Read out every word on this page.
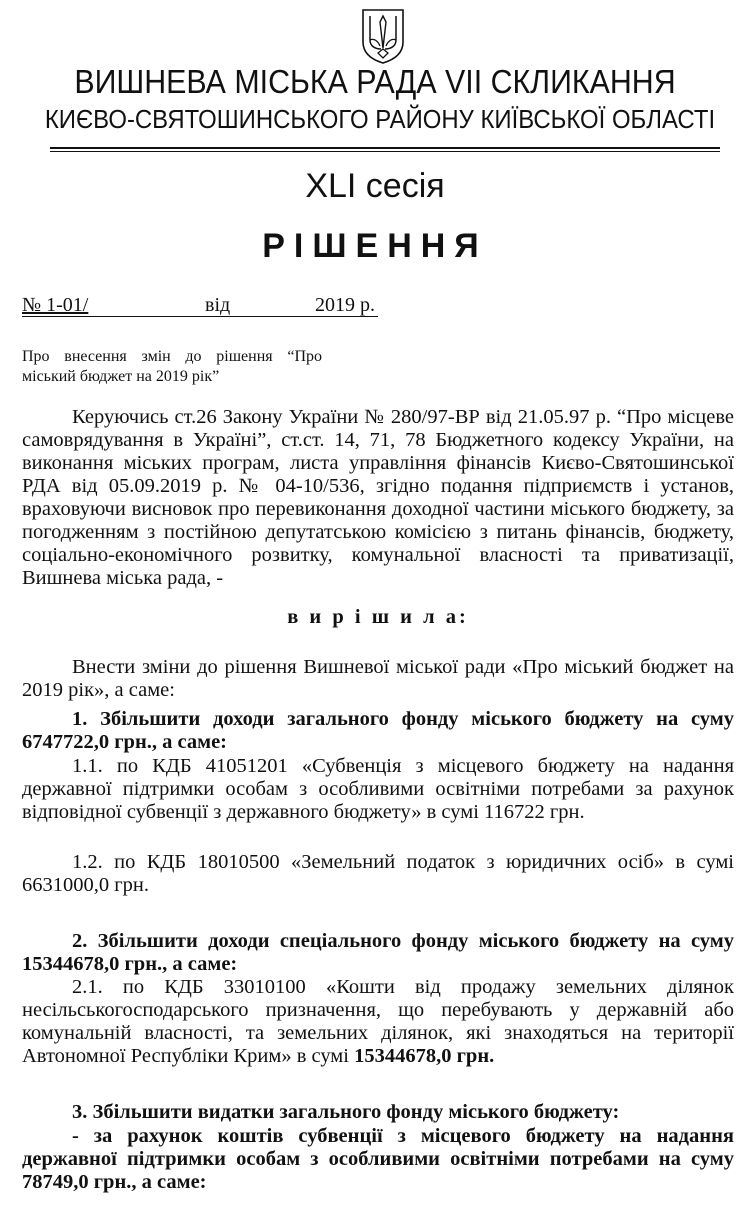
ВИШНЕВА МІСЬКА РАДА VII СКЛИКАННЯ
КИЄВО-СВЯТОШИНСЬКОГО РАЙОНУ КИЇВСЬКОЇ ОБЛАСТІ
XLI сесія
РІШЕННЯ
№ 1-01/	від	2019 р.

Про внесення змін до рішення “Про

міський бюджет на 2019 рік”

Керуючись ст.26 Закону України № 280/97-ВР від 21.05.97 р. “Про місцеве самоврядування в Україні”, ст.ст. 14, 71, 78 Бюджетного кодексу України, на виконання міських програм, листа управління фінансів Києво-Святошинської РДА від 05.09.2019 р. № 04-10/536, згідно подання підприємств і установ, враховуючи висновок про перевиконання доходної частини міського бюджету, за погодженням з постійною депутатською комісією з питань фінансів, бюджету, соціально-економічного розвитку, комунальної власності та приватизації, Вишнева міська рада, -

в и р і ш и л а:

Внести зміни до рішення Вишневої міської ради «Про міський бюджет на 2019 рік», а саме:

1. Збільшити доходи загального фонду міського бюджету на суму 6747722,0 грн., а саме:

1.1. по КДБ 41051201 «Субвенція з місцевого бюджету на надання державної підтримки особам з особливими освітніми потребами за рахунок відповідної субвенції з державного бюджету» в сумі 116722 грн.

1.2. по КДБ 18010500 «Земельний податок з юридичних осіб» в сумі 6631000,0 грн.

2. Збільшити доходи спеціального фонду міського бюджету на суму 15344678,0 грн., а саме:

2.1. по КДБ 33010100 «Кошти від продажу земельних ділянок несільськогосподарського призначення, що перебувають у державній або комунальній власності, та земельних ділянок, які знаходяться на території Автономної Республіки Крим» в сумі 15344678,0 грн.

3. Збільшити видатки загального фонду міського бюджету:

- за рахунок коштів субвенції з місцевого бюджету на надання державної підтримки особам з особливими освітніми потребами на суму 78749,0 грн., а саме:
